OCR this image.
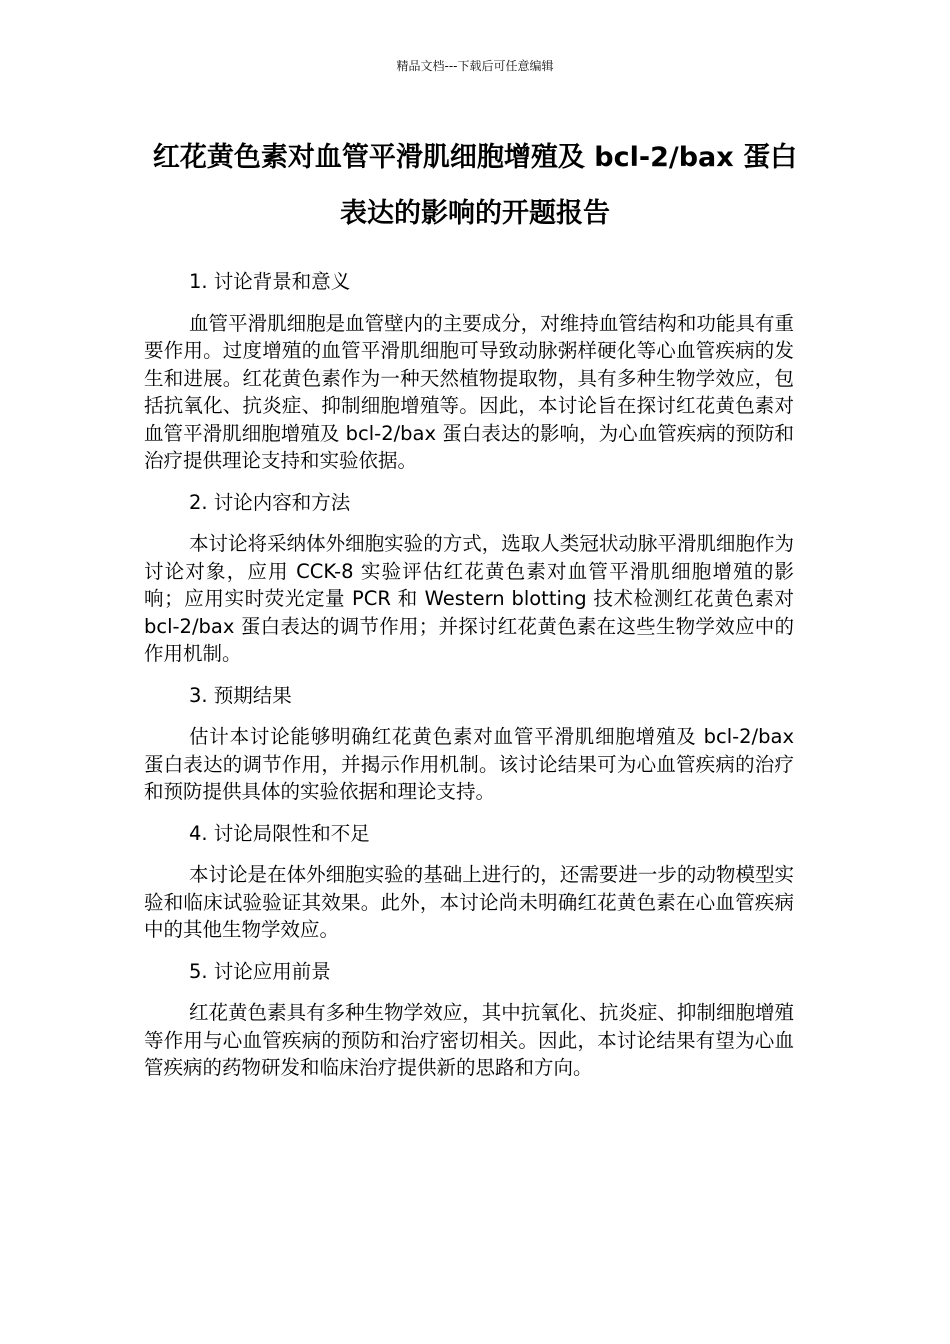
精品文档---下载后可任意编辑
红花黄色素对血管平滑肌细胞增殖及 bcl-2/bax 蛋白表达的影响的开题报告
1. 讨论背景和意义

血管平滑肌细胞是血管壁内的主要成分，对维持血管结构和功能具有重要作用。过度增殖的血管平滑肌细胞可导致动脉粥样硬化等心血管疾病的发生和进展。红花黄色素作为一种天然植物提取物，具有多种生物学效应，包括抗氧化、抗炎症、抑制细胞增殖等。因此，本讨论旨在探讨红花黄色素对血管平滑肌细胞增殖及 bcl-2/bax 蛋白表达的影响，为心血管疾病的预防和治疗提供理论支持和实验依据。

2. 讨论内容和方法

本讨论将采纳体外细胞实验的方式，选取人类冠状动脉平滑肌细胞作为讨论对象，应用 CCK-8 实验评估红花黄色素对血管平滑肌细胞增殖的影响；应用实时荧光定量 PCR 和 Western blotting 技术检测红花黄色素对 bcl-2/bax 蛋白表达的调节作用；并探讨红花黄色素在这些生物学效应中的作用机制。

3. 预期结果

估计本讨论能够明确红花黄色素对血管平滑肌细胞增殖及 bcl-2/bax 蛋白表达的调节作用，并揭示作用机制。该讨论结果可为心血管疾病的治疗和预防提供具体的实验依据和理论支持。

4. 讨论局限性和不足

本讨论是在体外细胞实验的基础上进行的，还需要进一步的动物模型实验和临床试验验证其效果。此外，本讨论尚未明确红花黄色素在心血管疾病中的其他生物学效应。

5. 讨论应用前景

红花黄色素具有多种生物学效应，其中抗氧化、抗炎症、抑制细胞增殖等作用与心血管疾病的预防和治疗密切相关。因此，本讨论结果有望为心血管疾病的药物研发和临床治疗提供新的思路和方向。
